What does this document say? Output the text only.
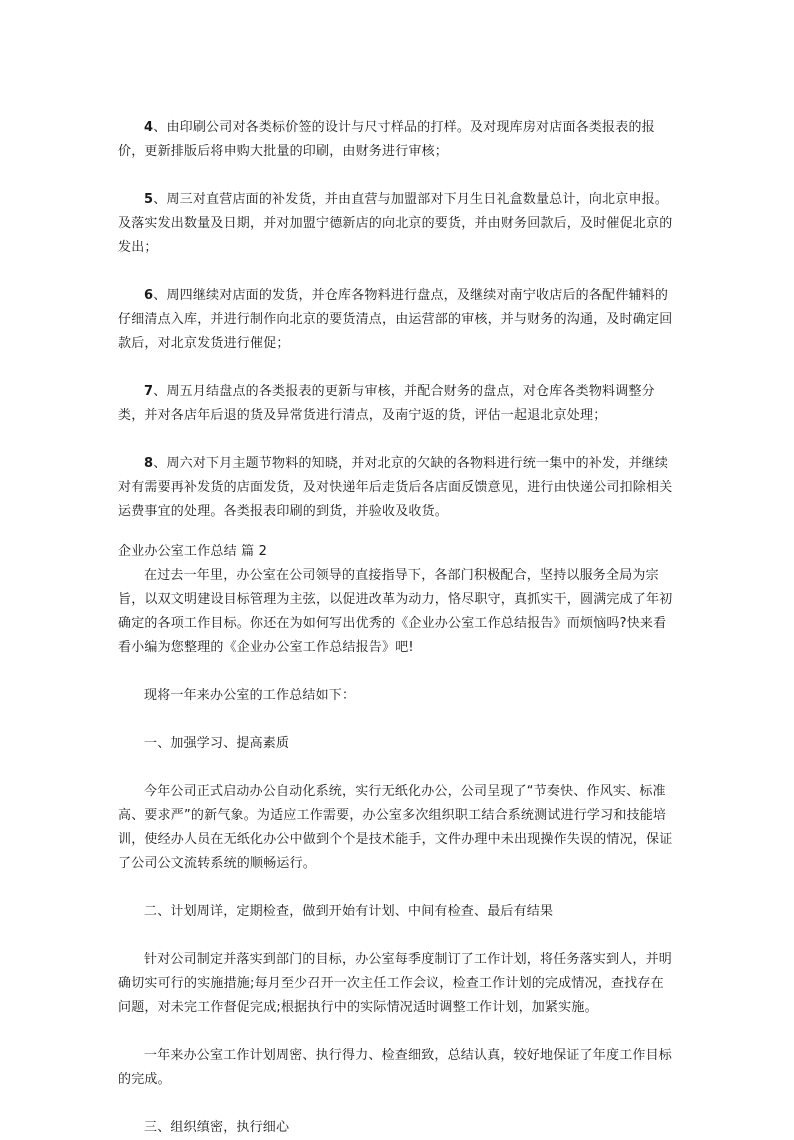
4、由印刷公司对各类标价签的设计与尺寸样品的打样。及对现库房对店面各类报表的报价，更新排版后将申购大批量的印刷，由财务进行审核；

5、周三对直营店面的补发货，并由直营与加盟部对下月生日礼盒数量总计，向北京申报。及落实发出数量及日期，并对加盟宁德新店的向北京的要货，并由财务回款后，及时催促北京的发出；

6、周四继续对店面的发货，并仓库各物料进行盘点，及继续对南宁收店后的各配件辅料的仔细清点入库，并进行制作向北京的要货清点，由运营部的审核，并与财务的沟通，及时确定回款后，对北京发货进行催促；

7、周五月结盘点的各类报表的更新与审核，并配合财务的盘点，对仓库各类物料调整分类，并对各店年后退的货及异常货进行清点，及南宁返的货，评估一起退北京处理；

8、周六对下月主题节物料的知晓，并对北京的欠缺的各物料进行统一集中的补发，并继续对有需要再补发货的店面发货，及对快递年后走货后各店面反馈意见，进行由快递公司扣除相关运费事宜的处理。各类报表印刷的到货，并验收及收货。

企业办公室工作总结 篇 2

在过去一年里，办公室在公司领导的直接指导下，各部门积极配合，坚持以服务全局为宗旨，以双文明建设目标管理为主弦，以促进改革为动力，恪尽职守，真抓实干，圆满完成了年初确定的各项工作目标。你还在为如何写出优秀的《企业办公室工作总结报告》而烦恼吗?快来看看小编为您整理的《企业办公室工作总结报告》吧!

现将一年来办公室的工作总结如下：

一、加强学习、提高素质

今年公司正式启动办公自动化系统，实行无纸化办公，公司呈现了“节奏快、作风实、标准高、要求严”的新气象。为适应工作需要，办公室多次组织职工结合系统测试进行学习和技能培训，使经办人员在无纸化办公中做到个个是技术能手，文件办理中未出现操作失误的情况，保证了公司公文流转系统的顺畅运行。

二、计划周详，定期检查，做到开始有计划、中间有检查、最后有结果

针对公司制定并落实到部门的目标，办公室每季度制订了工作计划，将任务落实到人，并明确切实可行的实施措施;每月至少召开一次主任工作会议，检查工作计划的完成情况，查找存在问题，对未完工作督促完成;根据执行中的实际情况适时调整工作计划，加紧实施。

一年来办公室工作计划周密、执行得力、检查细致，总结认真，较好地保证了年度工作目标的完成。

三、组织缜密，执行细心
